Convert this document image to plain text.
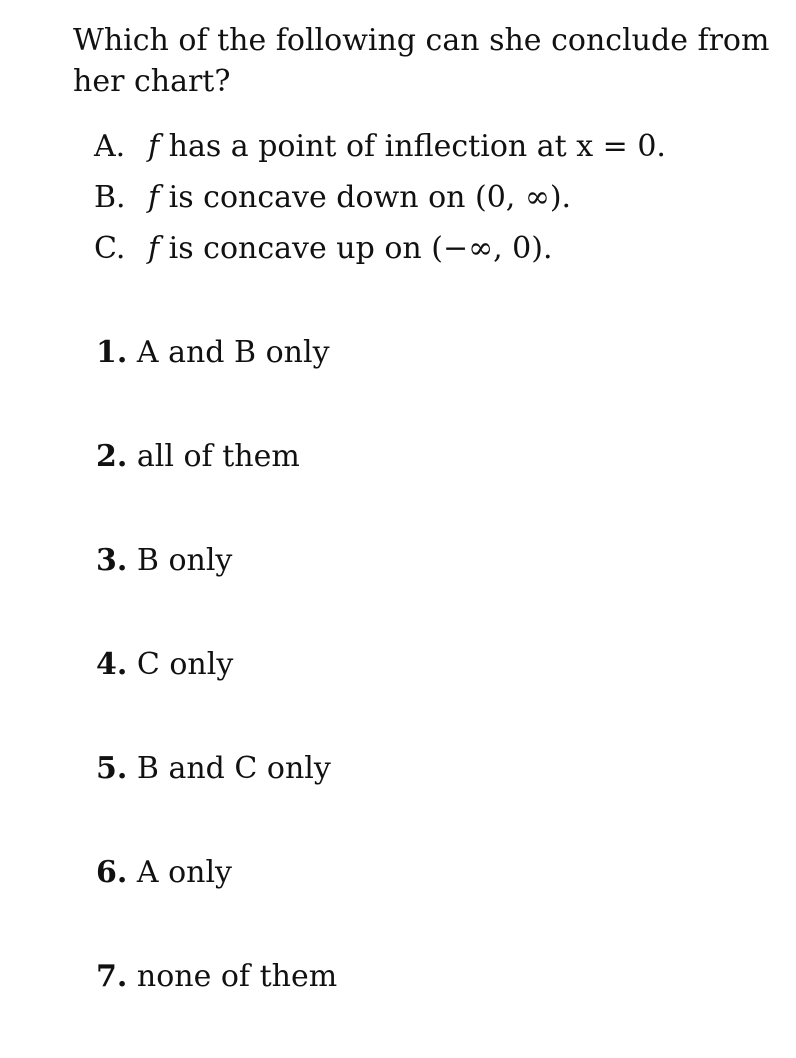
Which of the following can she conclude from her chart?
A. f has a point of inflection at x = 0.
B. f is concave down on (0, ∞).
C. f is concave up on (−∞, 0).
1. A and B only
2. all of them
3. B only
4. C only
5. B and C only
6. A only
7. none of them
